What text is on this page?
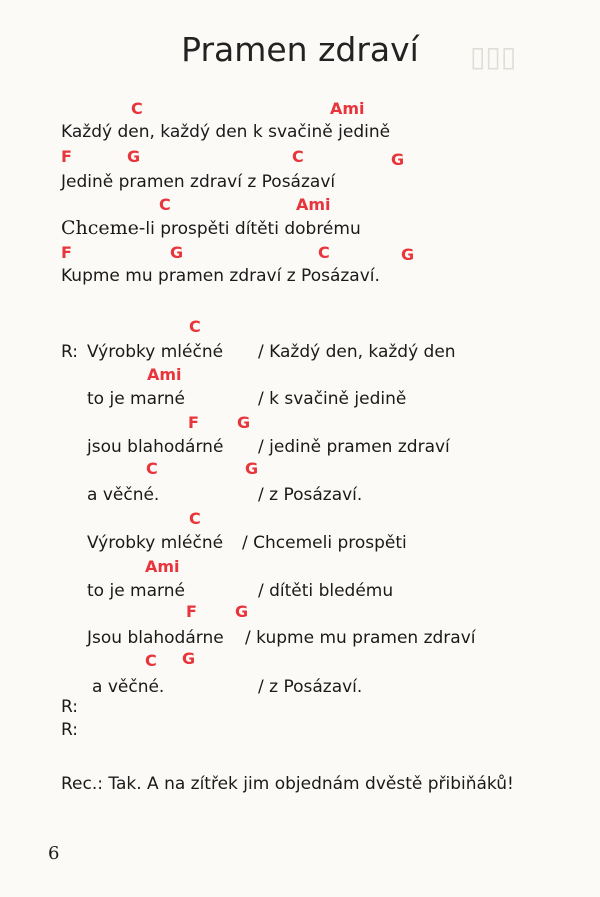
▯▯▯
Pramen zdraví
C	Ami
Každý den, každý den k svačině jedině
F	G	C	G
Jedině pramen zdraví z Posázaví
C	Ami
Chceme-li prospěti dítěti dobrému
F	G	C	G
Kupme mu pramen zdraví z Posázaví.
C
R: Výrobky mléčné / Každý den, každý den
Ami
to je marné	/ k svačině jedině
F G
jsou blahodárné / jedině pramen zdraví
C	G
a věčné.	/ z Posázaví.
C
Výrobky mléčné / Chcemeli prospěti
Ami
to je marné	/ dítěti bledému
F G
Jsou blahodárne / kupme mu pramen zdraví
C G
a věčné.	/ z Posázaví.
R:
R:
Rec.: Tak. A na zítřek jim objednám dvěstě přibiňáků!
6
